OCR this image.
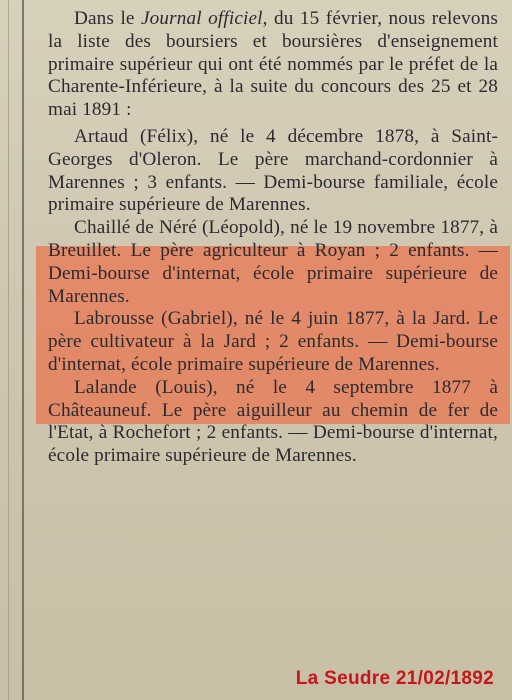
Dans le Journal officiel, du 15 février, nous relevons la liste des boursiers et boursières d'enseignement primaire supérieur qui ont été nommés par le préfet de la Charente-Inférieure, à la suite du concours des 25 et 28 mai 1891 :

Artaud (Félix), né le 4 décembre 1878, à Saint-Georges d'Oleron. Le père marchand-cordonnier à Marennes ; 3 enfants. — Demi-bourse familiale, école primaire supérieure de Marennes.

Chaillé de Néré (Léopold), né le 19 novembre 1877, à Breuillet. Le père agriculteur à Royan ; 2 enfants. — Demi-bourse d'internat, école primaire supérieure de Marennes.

Labrousse (Gabriel), né le 4 juin 1877, à la Jard. Le père cultivateur à la Jard ; 2 enfants. — Demi-bourse d'internat, école primaire supérieure de Marennes.

Lalande (Louis), né le 4 septembre 1877 à Châteauneuf. Le père aiguilleur au chemin de fer de l'Etat, à Rochefort ; 2 enfants. — Demi-bourse d'internat, école primaire supérieure de Marennes.

La Seudre 21/02/1892
